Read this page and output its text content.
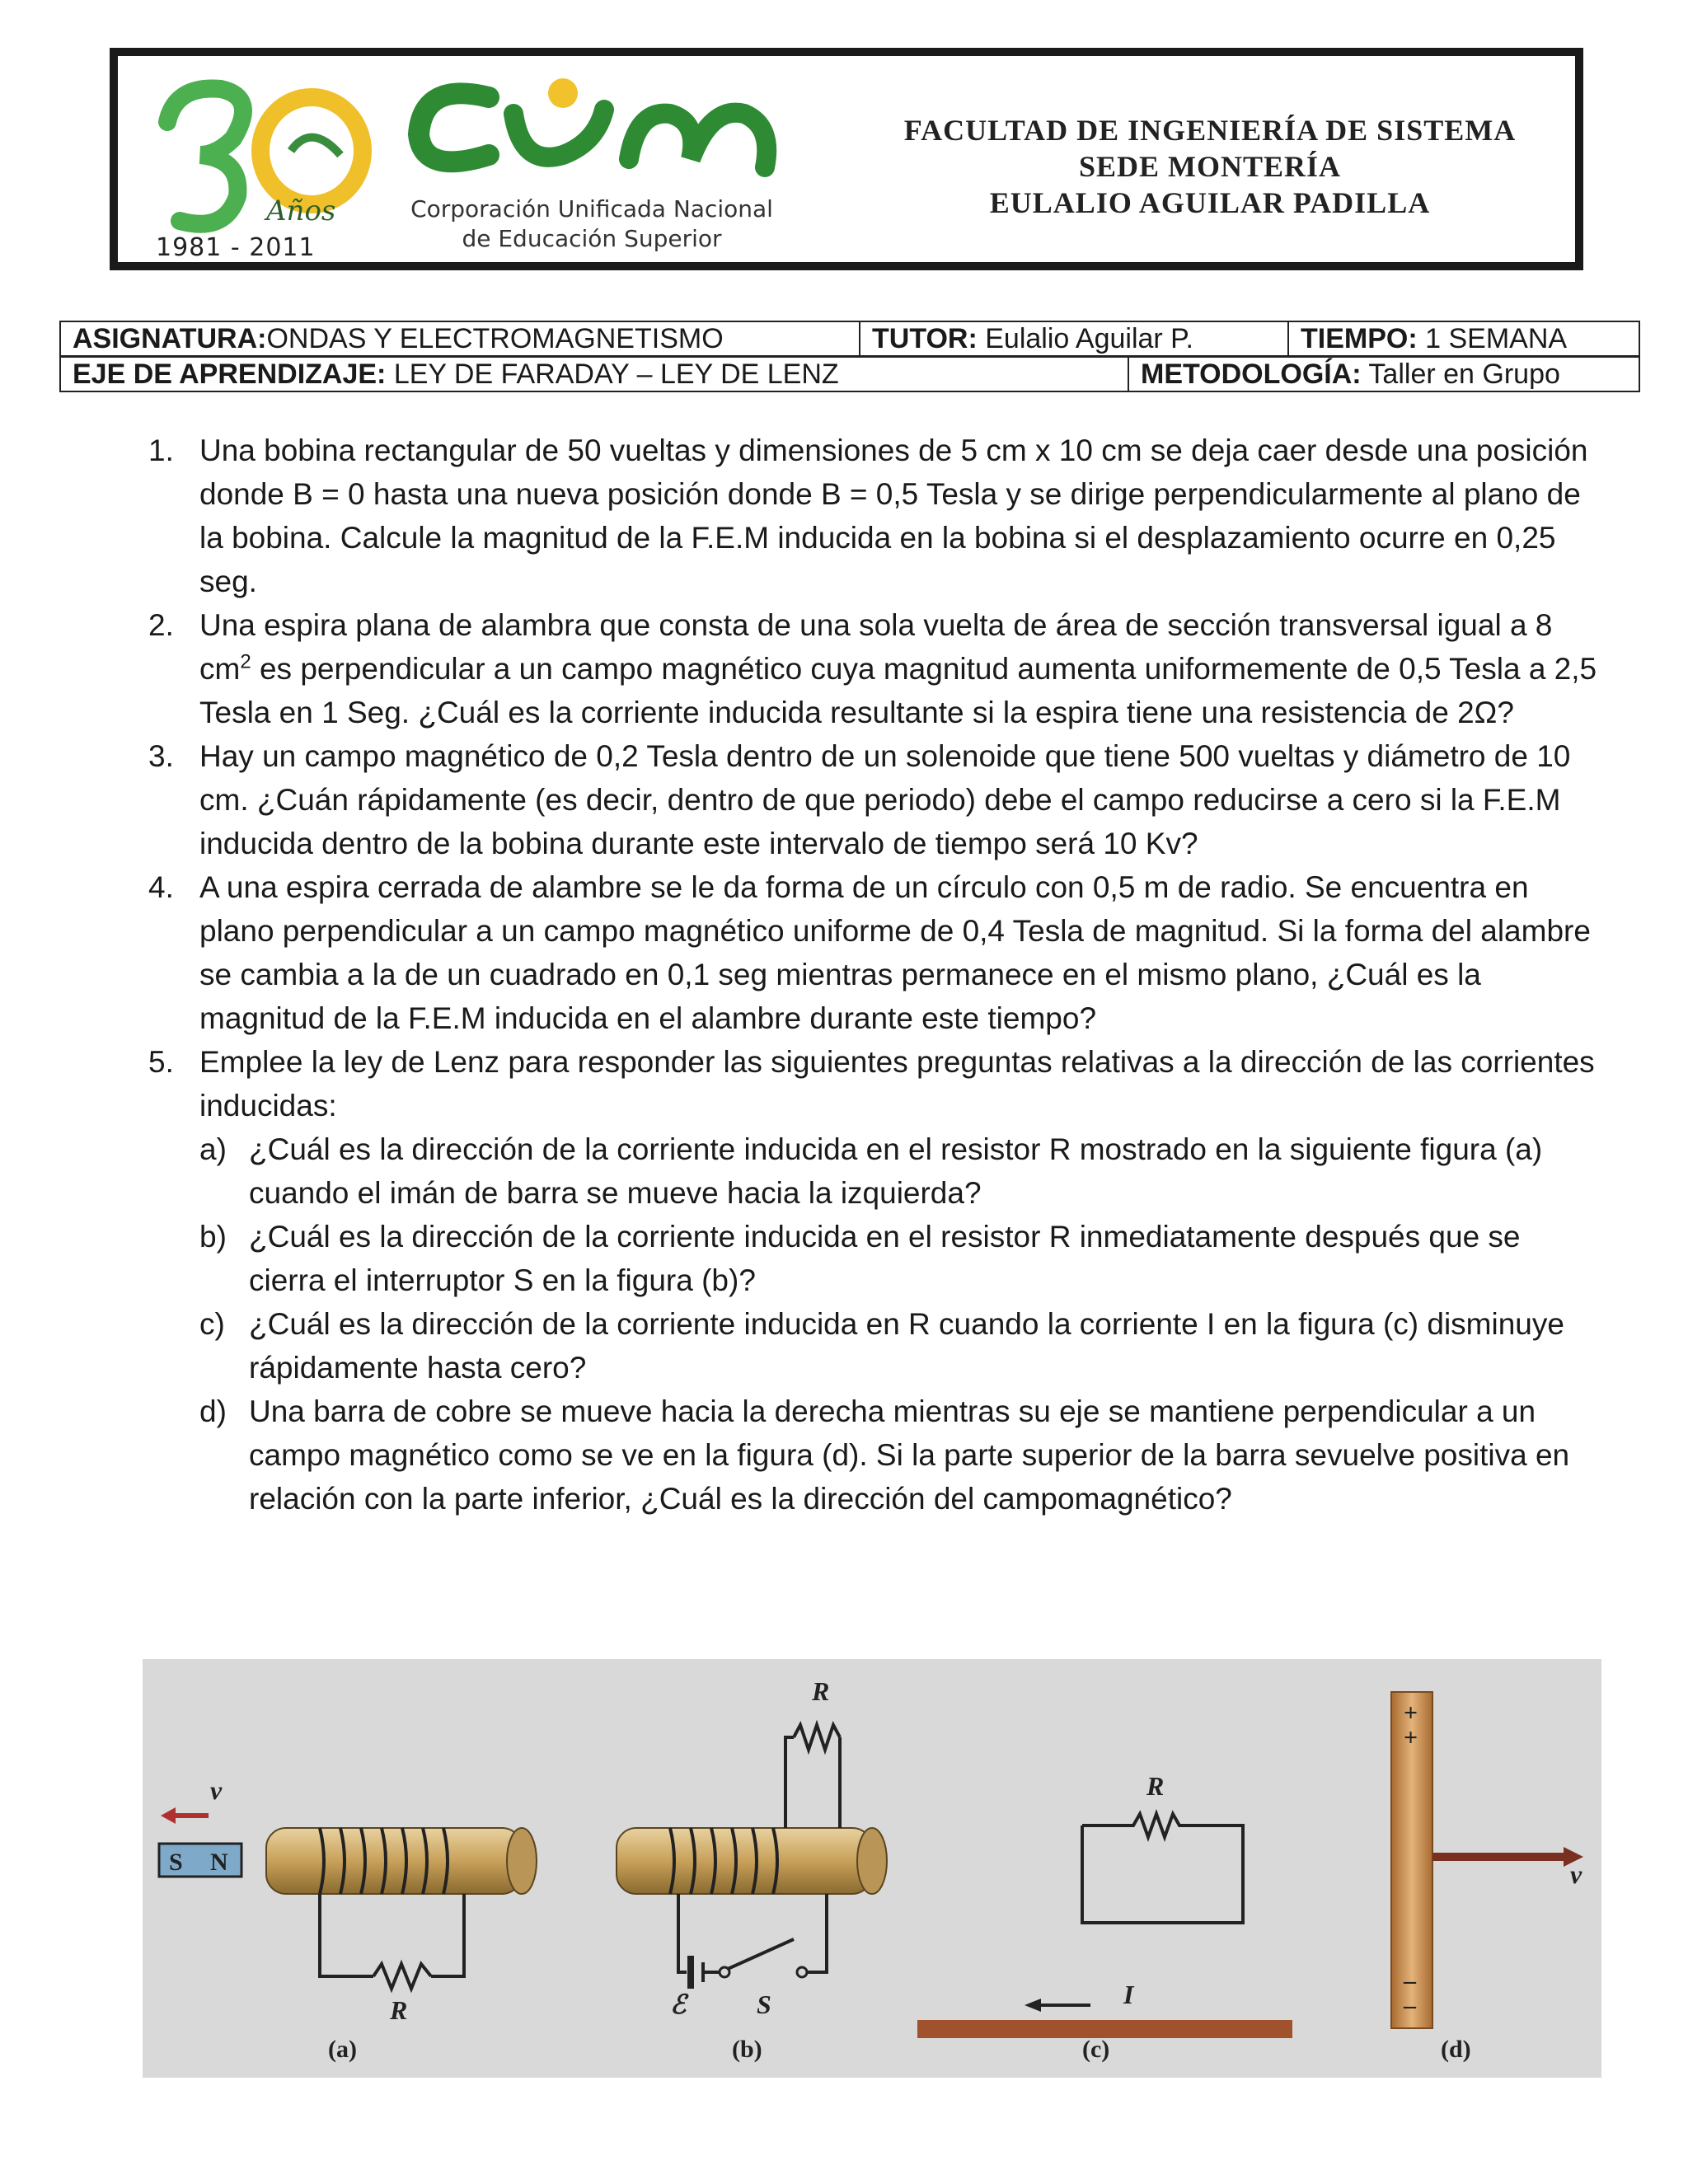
Años
1981 - 2011
Corporación Unificada Nacional
de Educación Superior
FACULTAD DE INGENIERÍA DE SISTEMA
SEDE MONTERÍA
EULALIO AGUILAR PADILLA
ASIGNATURA:ONDAS Y ELECTROMAGNETISMO	TUTOR: Eulalio Aguilar P.	TIEMPO: 1 SEMANA
EJE DE APRENDIZAJE: LEY DE FARADAY – LEY DE LENZ	METODOLOGÍA: Taller en Grupo
1. Una bobina rectangular de 50 vueltas y dimensiones de 5 cm x 10 cm se deja caer desde una posición donde B = 0 hasta una nueva posición donde B = 0,5 Tesla y se dirige perpendicularmente al plano de la bobina. Calcule la magnitud de la F.E.M inducida en la bobina si el desplazamiento ocurre en 0,25 seg.
2. Una espira plana de alambra que consta de una sola vuelta de área de sección transversal igual a 8 $cm^2$ es perpendicular a un campo magnético cuya magnitud aumenta uniformemente de 0,5 Tesla a 2,5 Tesla en 1 Seg. ¿Cuál es la corriente inducida resultante si la espira tiene una resistencia de 2Ω?
3. Hay un campo magnético de 0,2 Tesla dentro de un solenoide que tiene 500 vueltas y diámetro de 10 cm. ¿Cuán rápidamente (es decir, dentro de que periodo) debe el campo reducirse a cero si la F.E.M inducida dentro de la bobina durante este intervalo de tiempo será 10 Kv?
4. A una espira cerrada de alambre se le da forma de un círculo con 0,5 m de radio. Se encuentra en plano perpendicular a un campo magnético uniforme de 0,4 Tesla de magnitud. Si la forma del alambre se cambia a la de un cuadrado en 0,1 seg mientras permanece en el mismo plano, ¿Cuál es la magnitud de la F.E.M inducida en el alambre durante este tiempo?
5. Emplee la ley de Lenz para responder las siguientes preguntas relativas a la dirección de las corrientes inducidas:
a) ¿Cuál es la dirección de la corriente inducida en el resistor R mostrado en la siguiente figura (a) cuando el imán de barra se mueve hacia la izquierda?
b) ¿Cuál es la dirección de la corriente inducida en el resistor R inmediatamente después que se cierra el interruptor S en la figura (b)?
c) ¿Cuál es la dirección de la corriente inducida en R cuando la corriente I en la figura (c) disminuye rápidamente hasta cero?
d) Una barra de cobre se mueve hacia la derecha mientras su eje se mantiene perpendicular a un campo magnético como se ve en la figura (d). Si la parte superior de la barra sevuelve positiva en relación con la parte inferior, ¿Cuál es la dirección del campomagnético?
v
S N
R
(a)
R
ℰ	S
(b)
R
I
(c)
+
+
–
–
v
(d)
